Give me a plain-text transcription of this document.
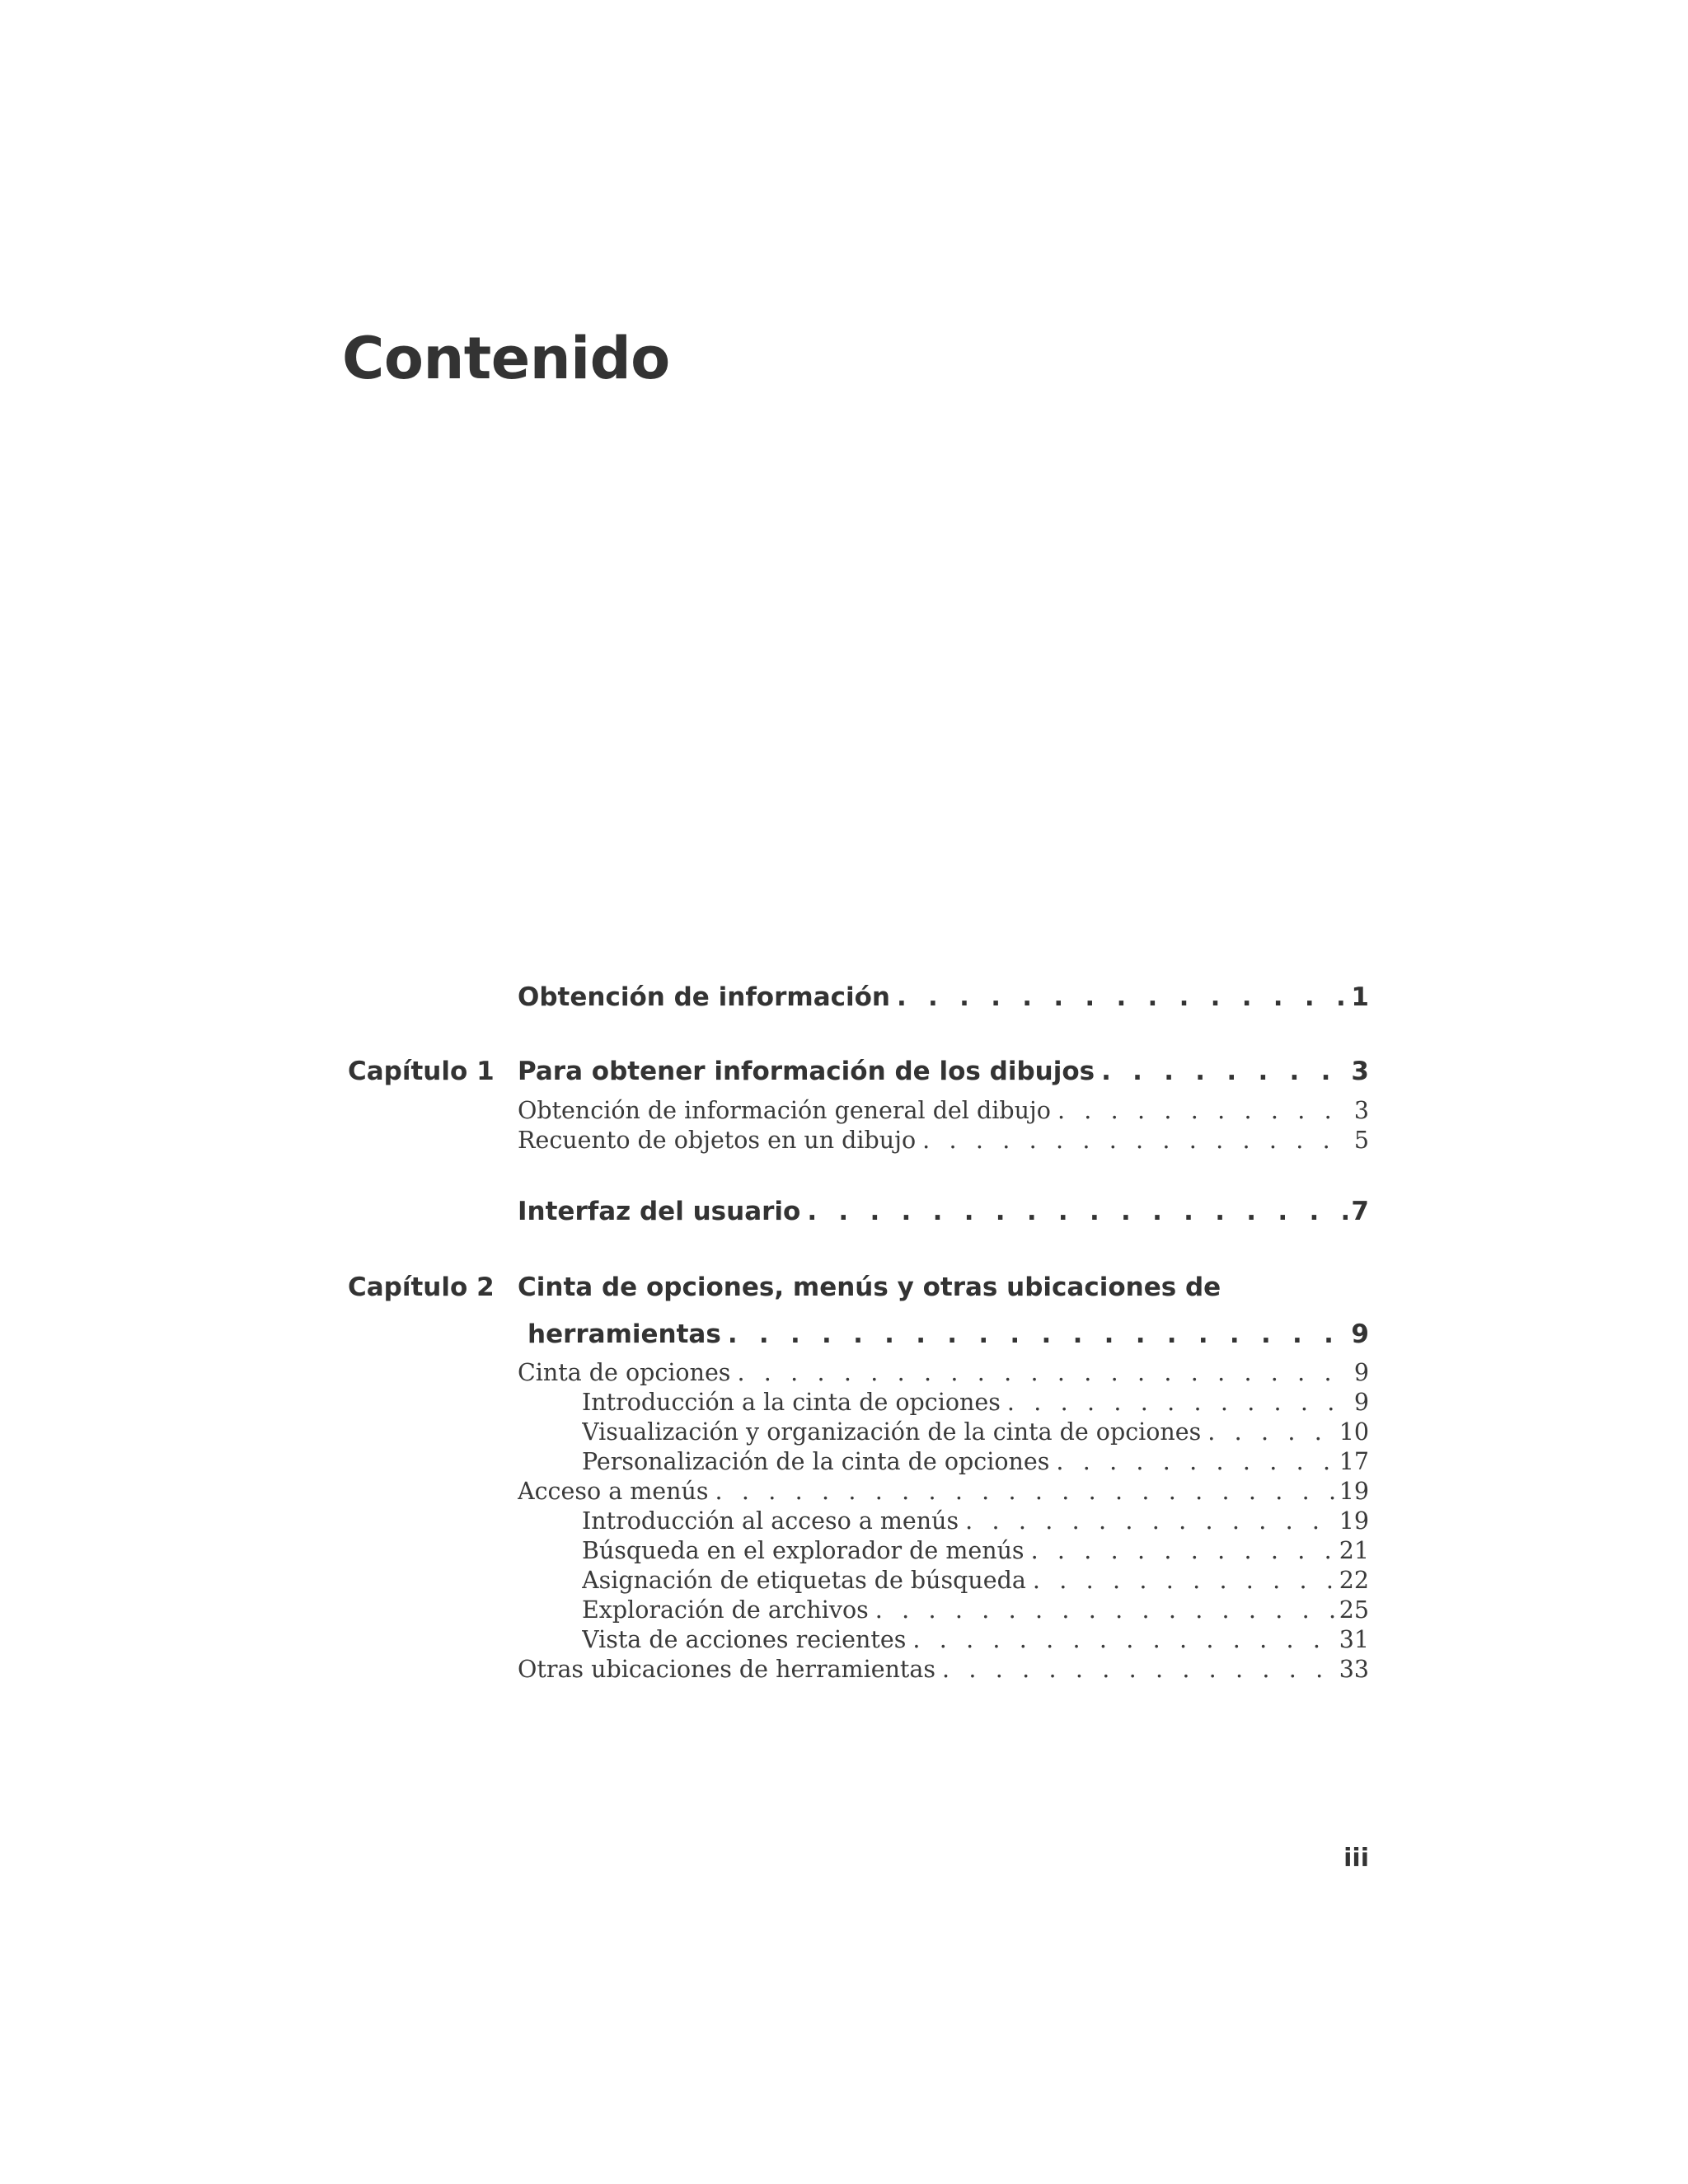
Contenido
Obtención de información . . .	1
Capítulo 1 Para obtener información de los dibujos . . .	3
Obtención de información general del dibujo . . .	3
Recuento de objetos en un dibujo . . .	5
Interfaz del usuario . . .	7
Capítulo 2 Cinta de opciones, menús y otras ubicaciones de
herramientas . . .	9
Cinta de opciones . . .	9
Introducción a la cinta de opciones . . .	9
Visualización y organización de la cinta de opciones . . .	10
Personalización de la cinta de opciones . . .	17
Acceso a menús . . .	19
Introducción al acceso a menús . . .	19
Búsqueda en el explorador de menús . . .	21
Asignación de etiquetas de búsqueda . . .	22
Exploración de archivos . . .	25
Vista de acciones recientes . . .	31
Otras ubicaciones de herramientas . . .	33
iii
